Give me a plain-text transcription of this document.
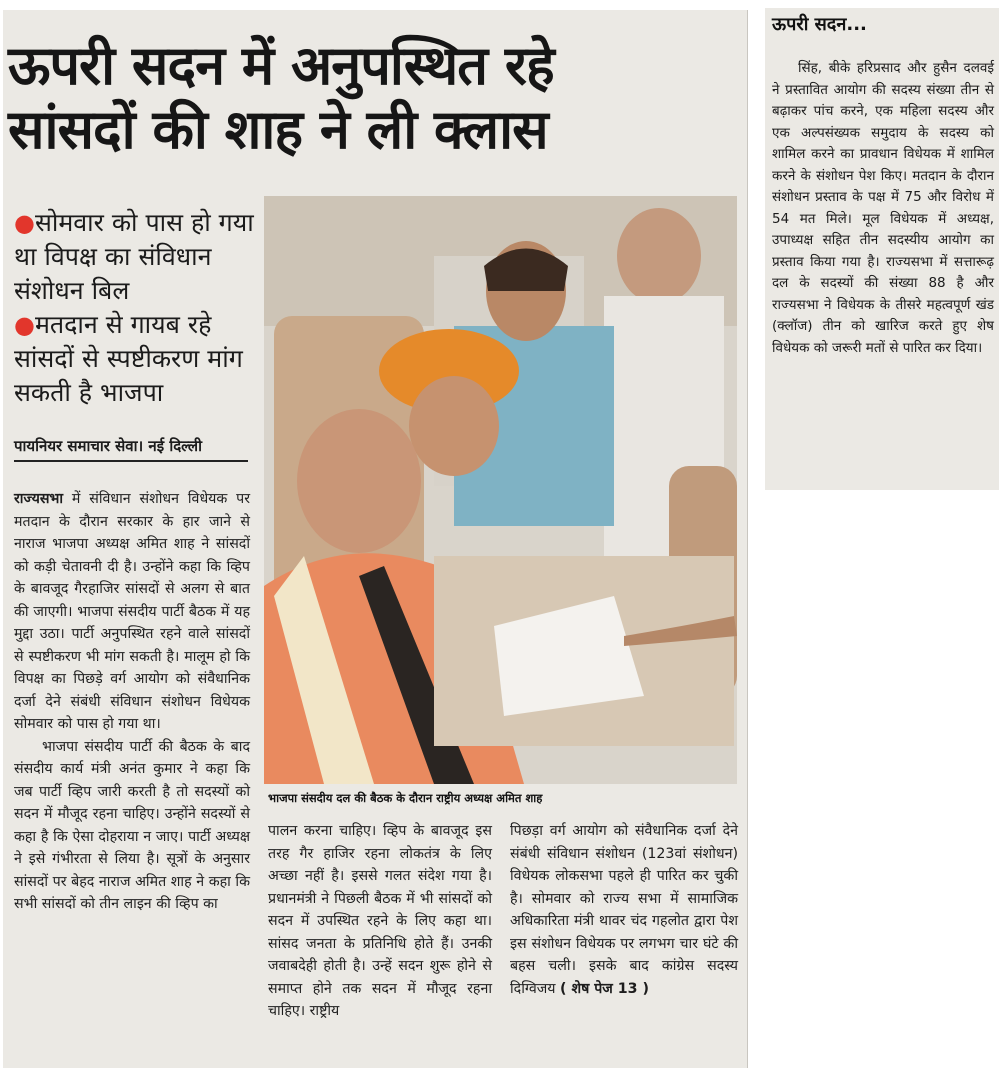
ऊपरी सदन में अनुपस्थित रहे
सांसदों की शाह ने ली क्लास

●सोमवार को पास हो गया था विपक्ष का संविधान संशोधन बिल

●मतदान से गायब रहे सांसदों से स्पष्टीकरण मांग सकती है भाजपा

पायनियर समाचार सेवा। नई दिल्ली

राज्यसभा में संविधान संशोधन विधेयक पर मतदान के दौरान सरकार के हार जाने से नाराज भाजपा अध्यक्ष अमित शाह ने सांसदों को कड़ी चेतावनी दी है। उन्होंने कहा कि व्हिप के बावजूद गैरहाजिर सांसदों से अलग से बात की जाएगी। भाजपा संसदीय पार्टी बैठक में यह मुद्दा उठा। पार्टी अनुपस्थित रहने वाले सांसदों से स्पष्टीकरण भी मांग सकती है। मालूम हो कि विपक्ष का पिछड़े वर्ग आयोग को संवैधानिक दर्जा देने संबंधी संविधान संशोधन विधेयक सोमवार को पास हो गया था।

भाजपा संसदीय पार्टी की बैठक के बाद संसदीय कार्य मंत्री अनंत कुमार ने कहा कि जब पार्टी व्हिप जारी करती है तो सदस्यों को सदन में मौजूद रहना चाहिए। उन्होंने सदस्यों से कहा है कि ऐसा दोहराया न जाए। पार्टी अध्यक्ष ने इसे गंभीरता से लिया है। सूत्रों के अनुसार सांसदों पर बेहद नाराज अमित शाह ने कहा कि सभी सांसदों को तीन लाइन की व्हिप का

भाजपा संसदीय दल की बैठक के दौरान राष्ट्रीय अध्यक्ष अमित शाह

पालन करना चाहिए। व्हिप के बावजूद इस तरह गैर हाजिर रहना लोकतंत्र के लिए अच्छा नहीं है। इससे गलत संदेश गया है। प्रधानमंत्री ने पिछली बैठक में भी सांसदों को सदन में उपस्थित रहने के लिए कहा था। सांसद जनता के प्रतिनिधि होते हैं। उनकी जवाबदेही होती है। उन्हें सदन शुरू होने से समाप्त होने तक सदन में मौजूद रहना चाहिए। राष्ट्रीय

पिछड़ा वर्ग आयोग को संवैधानिक दर्जा देने संबंधी संविधान संशोधन (123वां संशोधन) विधेयक लोकसभा पहले ही पारित कर चुकी है। सोमवार को राज्य सभा में सामाजिक अधिकारिता मंत्री थावर चंद गहलोत द्वारा पेश इस संशोधन विधेयक पर लगभग चार घंटे की बहस चली। इसके बाद कांग्रेस सदस्य दिग्विजय ( शेष पेज 13 )

ऊपरी सदन...

सिंह, बीके हरिप्रसाद और हुसैन दलवई ने प्रस्तावित आयोग की सदस्य संख्या तीन से बढ़ाकर पांच करने, एक महिला सदस्य और एक अल्पसंख्यक समुदाय के सदस्य को शामिल करने का प्रावधान विधेयक में शामिल करने के संशोधन पेश किए। मतदान के दौरान संशोधन प्रस्ताव के पक्ष में 75 और विरोध में 54 मत मिले। मूल विधेयक में अध्यक्ष, उपाध्यक्ष सहित तीन सदस्यीय आयोग का प्रस्ताव किया गया है। राज्यसभा में सत्तारूढ़ दल के सदस्यों की संख्या 88 है और राज्यसभा ने विधेयक के तीसरे महत्वपूर्ण खंड (क्लॉज) तीन को खारिज करते हुए शेष विधेयक को जरूरी मतों से पारित कर दिया।
